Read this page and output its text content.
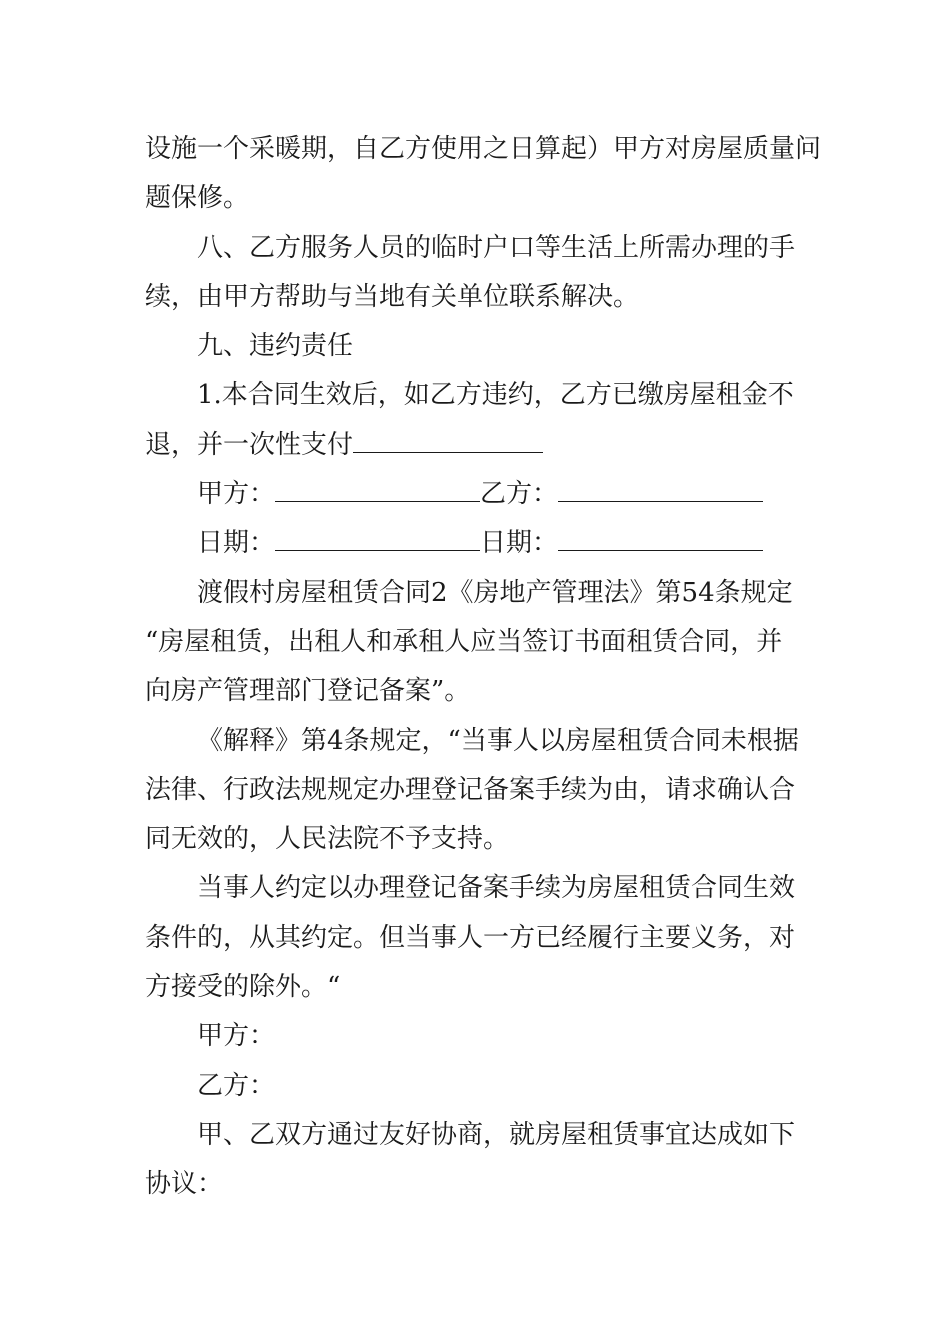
设施一个采暖期，自乙方使用之日算起）甲方对房屋质量问
题保修。
八、乙方服务人员的临时户口等生活上所需办理的手
续，由甲方帮助与当地有关单位联系解决。
九、违约责任
1.本合同生效后，如乙方违约，乙方已缴房屋租金不
退，并一次性支付
甲方：	乙方：
日期：	日期：
渡假村房屋租赁合同2《房地产管理法》第54条规定
“房屋租赁，出租人和承租人应当签订书面租赁合同，并
向房产管理部门登记备案”。
《解释》第4条规定，“当事人以房屋租赁合同未根据
法律、行政法规规定办理登记备案手续为由，请求确认合
同无效的，人民法院不予支持。
当事人约定以办理登记备案手续为房屋租赁合同生效
条件的，从其约定。但当事人一方已经履行主要义务，对
方接受的除外。“
甲方：
乙方：
甲、乙双方通过友好协商，就房屋租赁事宜达成如下
协议：
